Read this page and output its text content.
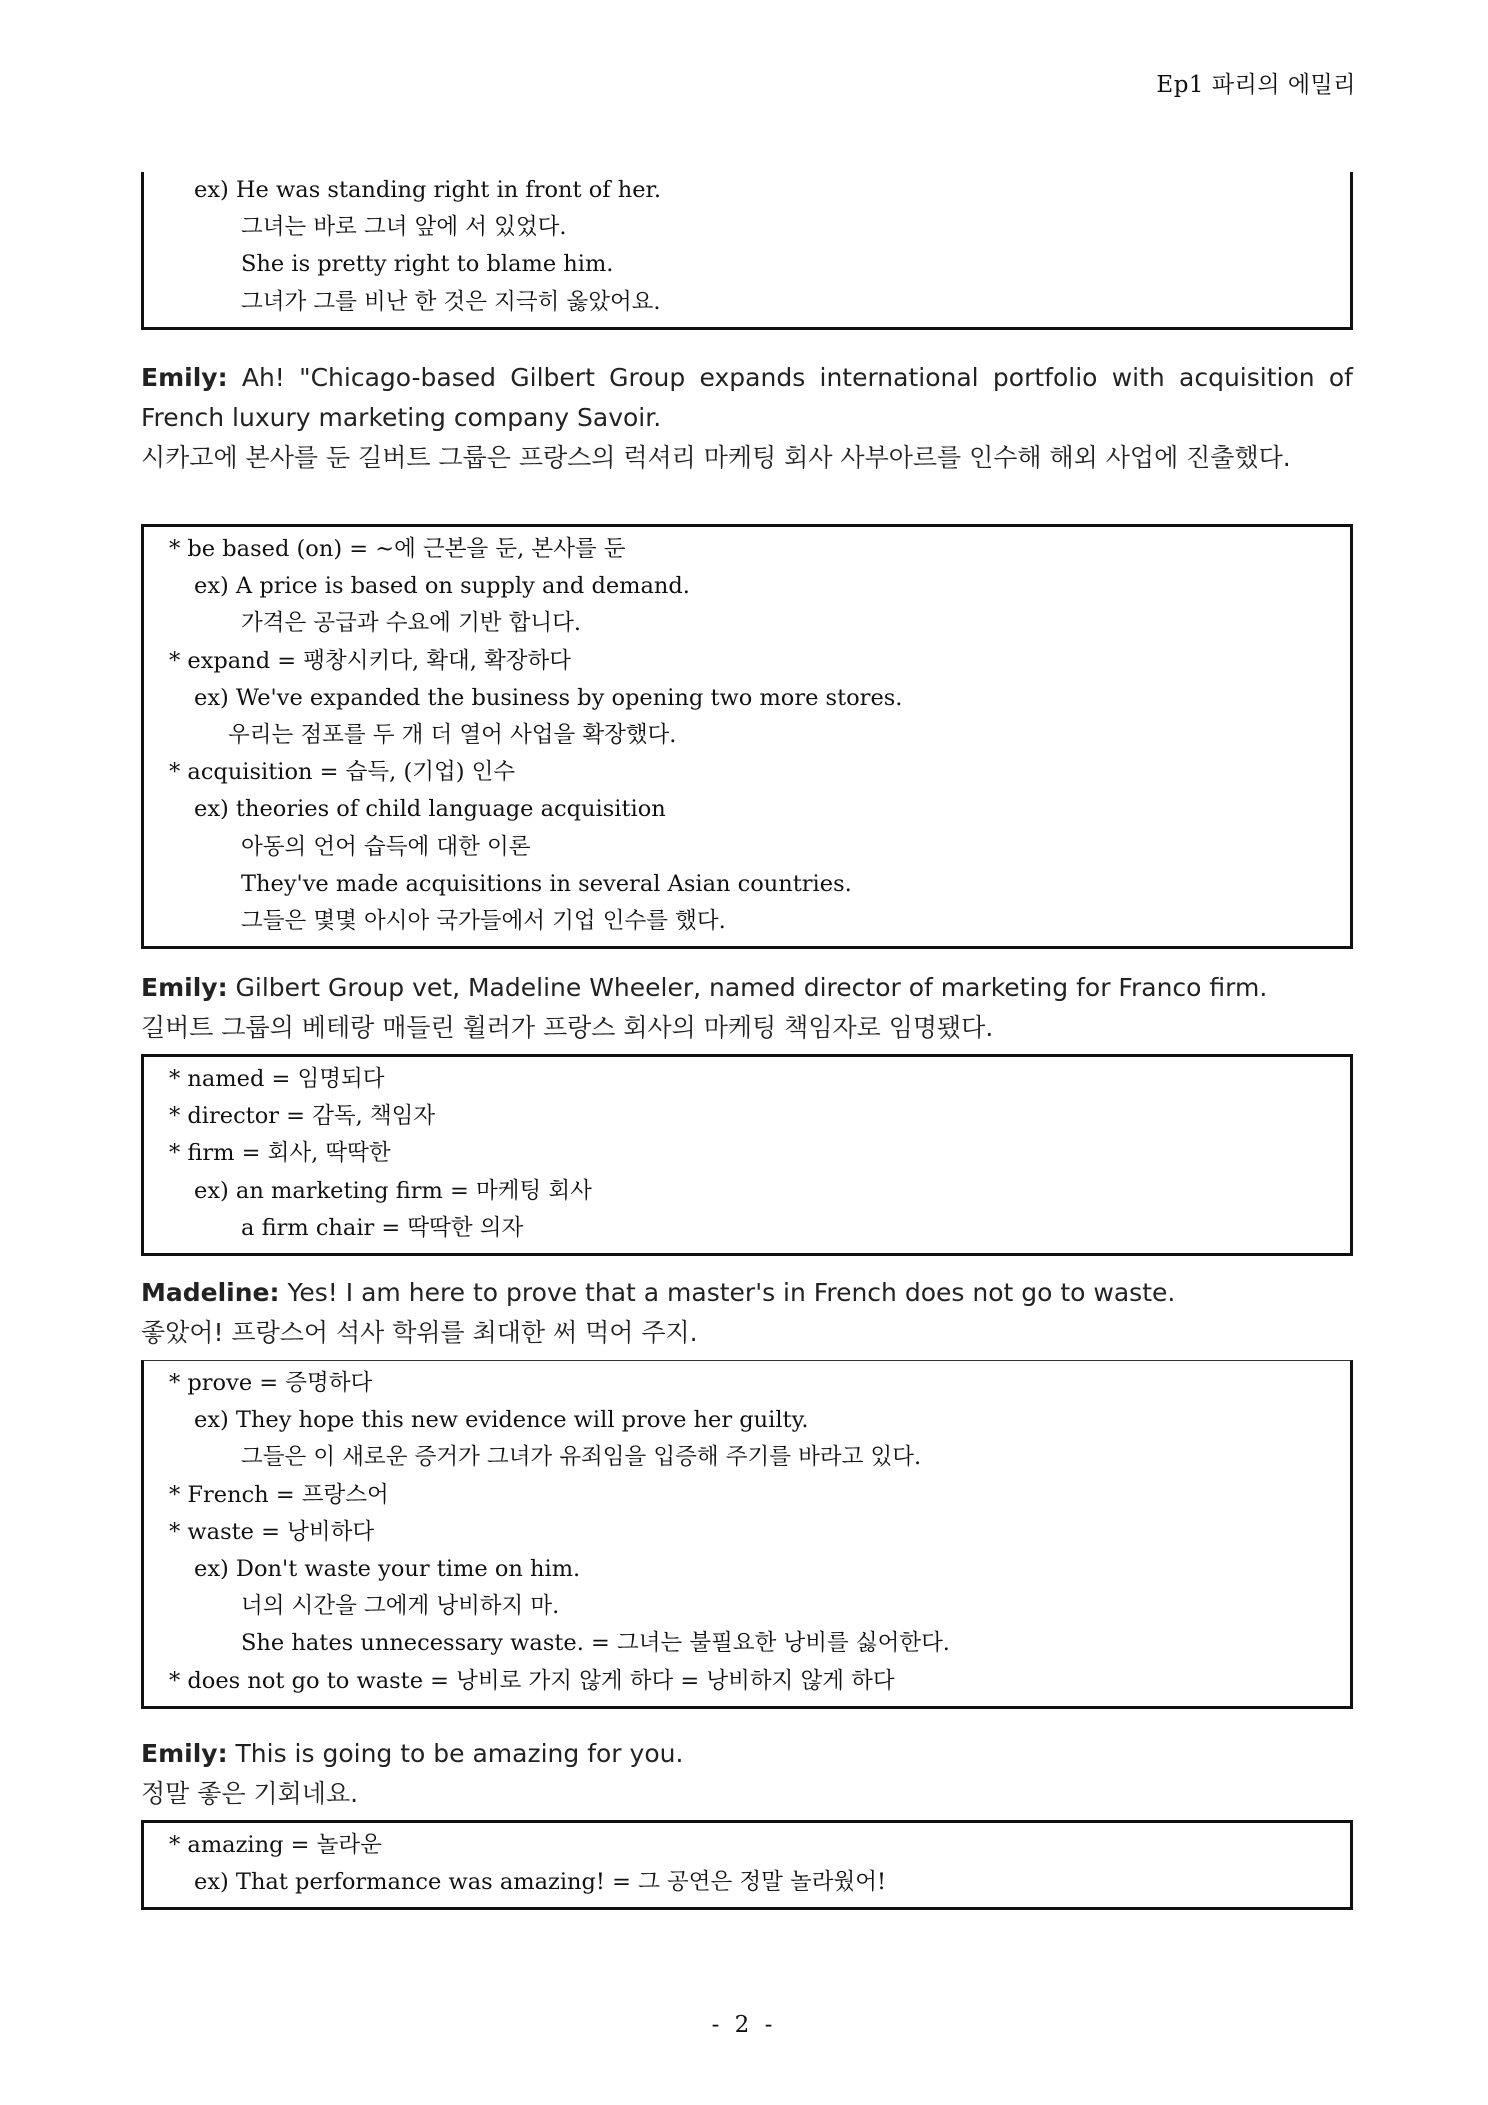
Ep1 파리의 에밀리
ex) He was standing right in front of her.
그녀는 바로 그녀 앞에 서 있었다.
She is pretty right to blame him.
그녀가 그를 비난 한 것은 지극히 옳았어요.
Emily: Ah! "Chicago-based Gilbert Group expands international portfolio with acquisition of French luxury marketing company Savoir.
시카고에 본사를 둔 길버트 그룹은 프랑스의 럭셔리 마케팅 회사 사부아르를 인수해 해외 사업에 진출했다.
* be based (on) = ~에 근본을 둔, 본사를 둔
ex) A price is based on supply and demand.
가격은 공급과 수요에 기반 합니다.
* expand = 팽창시키다, 확대, 확장하다
ex) We've expanded the business by opening two more stores.
우리는 점포를 두 개 더 열어 사업을 확장했다.
* acquisition = 습득, (기업) 인수
ex) theories of child language acquisition
아동의 언어 습득에 대한 이론
They've made acquisitions in several Asian countries.
그들은 몇몇 아시아 국가들에서 기업 인수를 했다.
Emily: Gilbert Group vet, Madeline Wheeler, named director of marketing for Franco firm.
길버트 그룹의 베테랑 매들린 휠러가 프랑스 회사의 마케팅 책임자로 임명됐다.
* named = 임명되다
* director = 감독, 책임자
* firm = 회사, 딱딱한
ex) an marketing firm = 마케팅 회사
a firm chair = 딱딱한 의자
Madeline: Yes! I am here to prove that a master's in French does not go to waste.
좋았어! 프랑스어 석사 학위를 최대한 써 먹어 주지.
* prove = 증명하다
ex) They hope this new evidence will prove her guilty.
그들은 이 새로운 증거가 그녀가 유죄임을 입증해 주기를 바라고 있다.
* French = 프랑스어
* waste = 낭비하다
ex) Don't waste your time on him.
너의 시간을 그에게 낭비하지 마.
She hates unnecessary waste. = 그녀는 불필요한 낭비를 싫어한다.
* does not go to waste = 낭비로 가지 않게 하다 = 낭비하지 않게 하다
Emily: This is going to be amazing for you.
정말 좋은 기회네요.
* amazing = 놀라운
ex) That performance was amazing! = 그 공연은 정말 놀라웠어!
- 2 -
